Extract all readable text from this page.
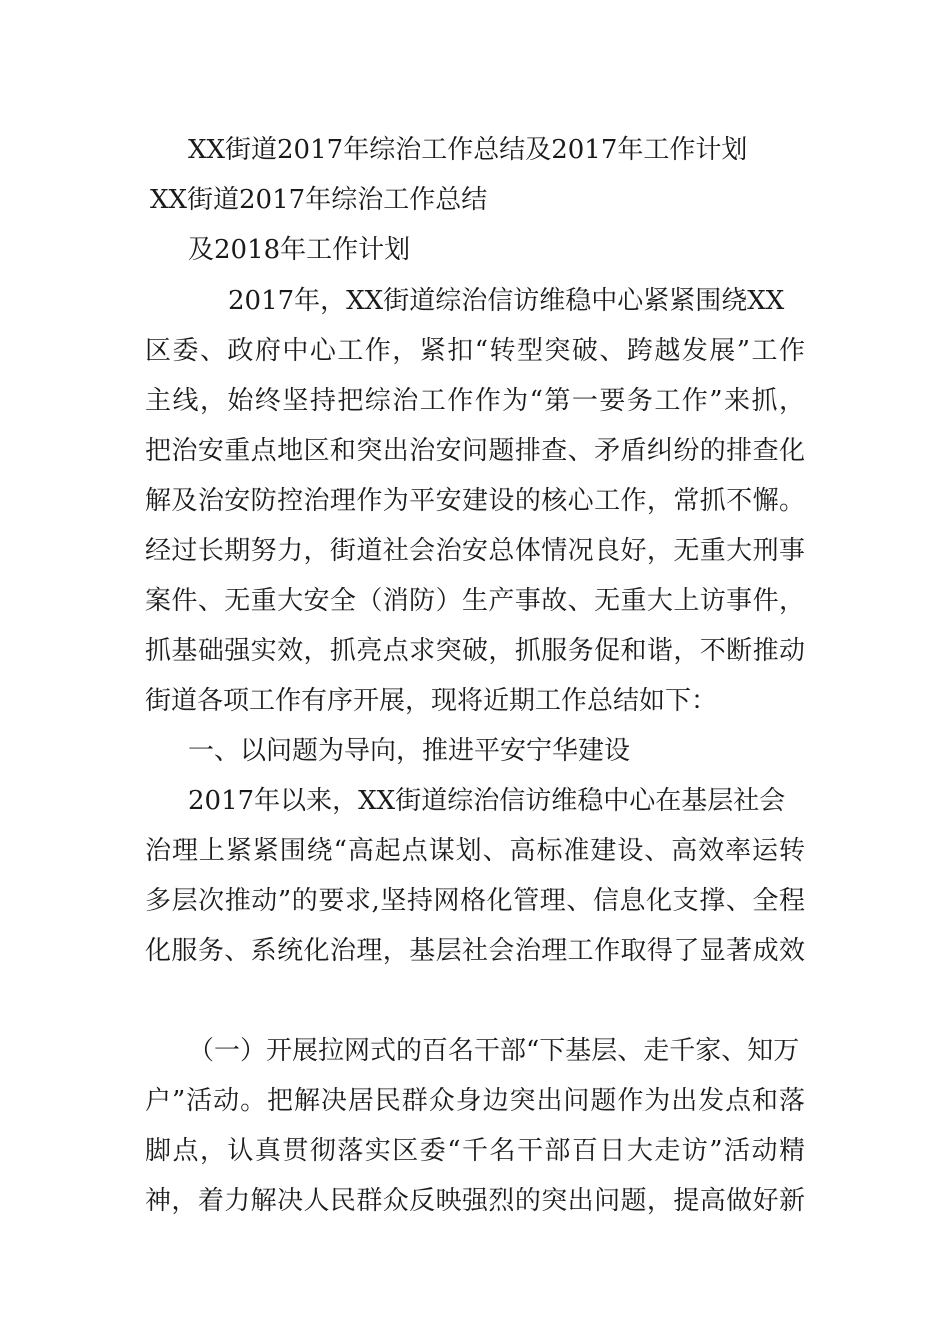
XX街道2017年综治工作总结及2017年工作计划
XX街道2017年综治工作总结
及2018年工作计划
2017年，XX街道综治信访维稳中心紧紧围绕XX
区委、政府中心工作，紧扣“转型突破、跨越发展”工作
主线，始终坚持把综治工作作为“第一要务工作”来抓，
把治安重点地区和突出治安问题排查、矛盾纠纷的排查化
解及治安防控治理作为平安建设的核心工作，常抓不懈。
经过长期努力，街道社会治安总体情况良好，无重大刑事
案件、无重大安全（消防）生产事故、无重大上访事件，
抓基础强实效，抓亮点求突破，抓服务促和谐，不断推动
街道各项工作有序开展，现将近期工作总结如下：
一、以问题为导向，推进平安宁华建设
2017年以来，XX街道综治信访维稳中心在基层社会
治理上紧紧围绕“高起点谋划、高标准建设、高效率运转
多层次推动”的要求,坚持网格化管理、信息化支撑、全程
化服务、系统化治理，基层社会治理工作取得了显著成效
（一）开展拉网式的百名干部“下基层、走千家、知万
户”活动。把解决居民群众身边突出问题作为出发点和落
脚点，认真贯彻落实区委“千名干部百日大走访”活动精
神，着力解决人民群众反映强烈的突出问题，提高做好新
